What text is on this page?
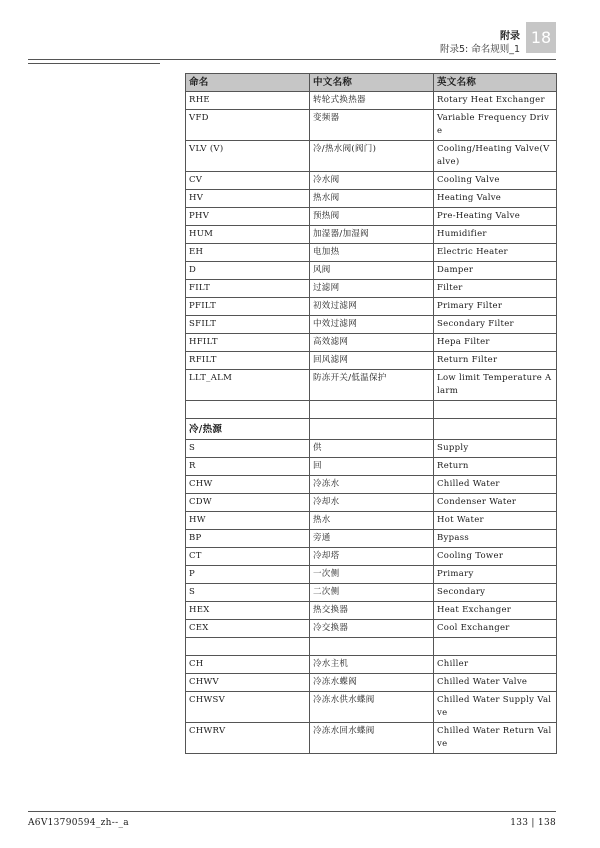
附录
附录5: 命名规则_1
18
命名	中文名称	英文名称
RHE	转轮式换热器	Rotary Heat Exchanger
VFD	变频器	Variable Frequency Drive
VLV (V)	冷/热水阀(阀门)	Cooling/Heating Valve(Valve)
CV	冷水阀	Cooling Valve
HV	热水阀	Heating Valve
PHV	预热阀	Pre-Heating Valve
HUM	加湿器/加湿阀	Humidifier
EH	电加热	Electric Heater
D	风阀	Damper
FILT	过滤网	Filter
PFILT	初效过滤网	Primary Filter
SFILT	中效过滤网	Secondary Filter
HFILT	高效滤网	Hepa Filter
RFILT	回风滤网	Return Filter
LLT_ALM	防冻开关/低温保护	Low limit Temperature Alarm

冷/热源		
S	供	Supply
R	回	Return
CHW	冷冻水	Chilled Water
CDW	冷却水	Condenser Water
HW	热水	Hot Water
BP	旁通	Bypass
CT	冷却塔	Cooling Tower
P	一次侧	Primary
S	二次侧	Secondary
HEX	热交换器	Heat Exchanger
CEX	冷交换器	Cool Exchanger

CH	冷水主机	Chiller
CHWV	冷冻水蝶阀	Chilled Water Valve
CHWSV	冷冻水供水蝶阀	Chilled Water Supply Valve
CHWRV	冷冻水回水蝶阀	Chilled Water Return Valve
A6V13790594_zh--_a	133 | 138
